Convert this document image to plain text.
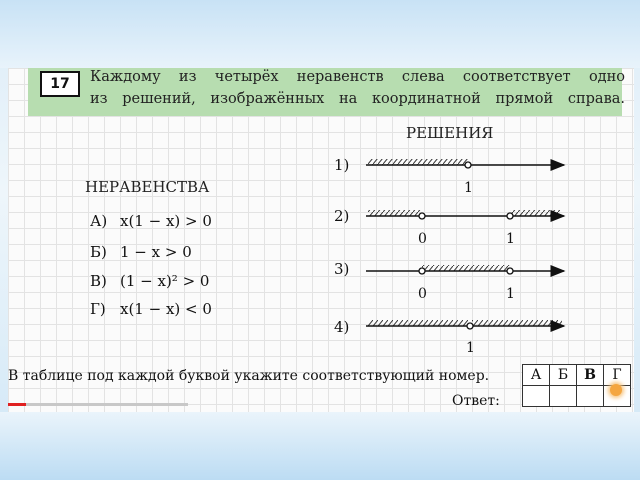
17	Каждому из четырёх неравенств слева соответствует одно
из решений, изображённых на координатной прямой справа.
РЕШЕНИЯ
НЕРАВЕНСТВА
А) x(1 − x) > 0
Б) 1 − x > 0
В) (1 − x)² > 0
Г) x(1 − x) < 0
1)
2)
3)
4)
1
0	1
0	1
1
В таблице под каждой буквой укажите соответствующий номер.
Ответ:
А	Б	В	Г
